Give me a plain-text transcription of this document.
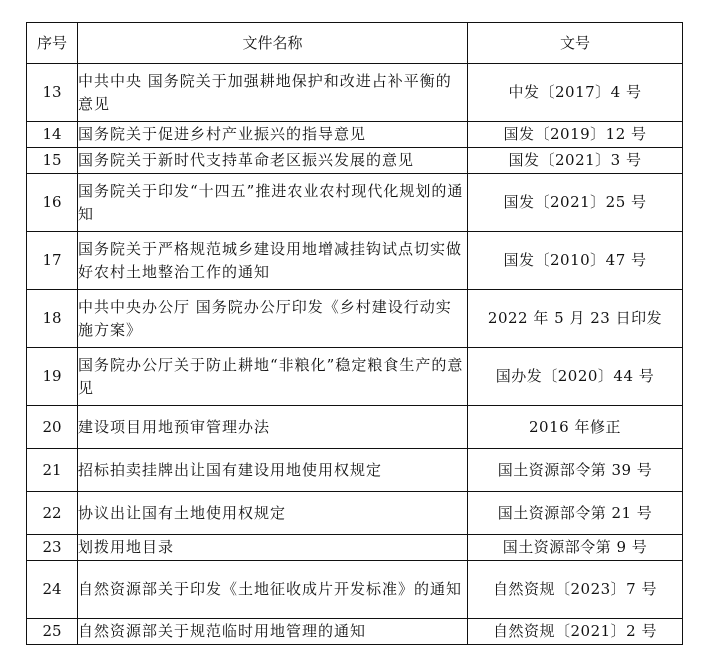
序号	文件名称	文号
13	中共中央 国务院关于加强耕地保护和改进占补平衡的意见	中发〔2017〕4 号
14	国务院关于促进乡村产业振兴的指导意见	国发〔2019〕12 号
15	国务院关于新时代支持革命老区振兴发展的意见	国发〔2021〕3 号
16	国务院关于印发“十四五”推进农业农村现代化规划的通知	国发〔2021〕25 号
17	国务院关于严格规范城乡建设用地增减挂钩试点切实做好农村土地整治工作的通知	国发〔2010〕47 号
18	中共中央办公厅 国务院办公厅印发《乡村建设行动实施方案》	2022 年 5 月 23 日印发
19	国务院办公厅关于防止耕地“非粮化”稳定粮食生产的意见	国办发〔2020〕44 号
20	建设项目用地预审管理办法	2016 年修正
21	招标拍卖挂牌出让国有建设用地使用权规定	国土资源部令第 39 号
22	协议出让国有土地使用权规定	国土资源部令第 21 号
23	划拨用地目录	国土资源部令第 9 号
24	自然资源部关于印发《土地征收成片开发标准》的通知	自然资规〔2023〕7 号
25	自然资源部关于规范临时用地管理的通知	自然资规〔2021〕2 号
